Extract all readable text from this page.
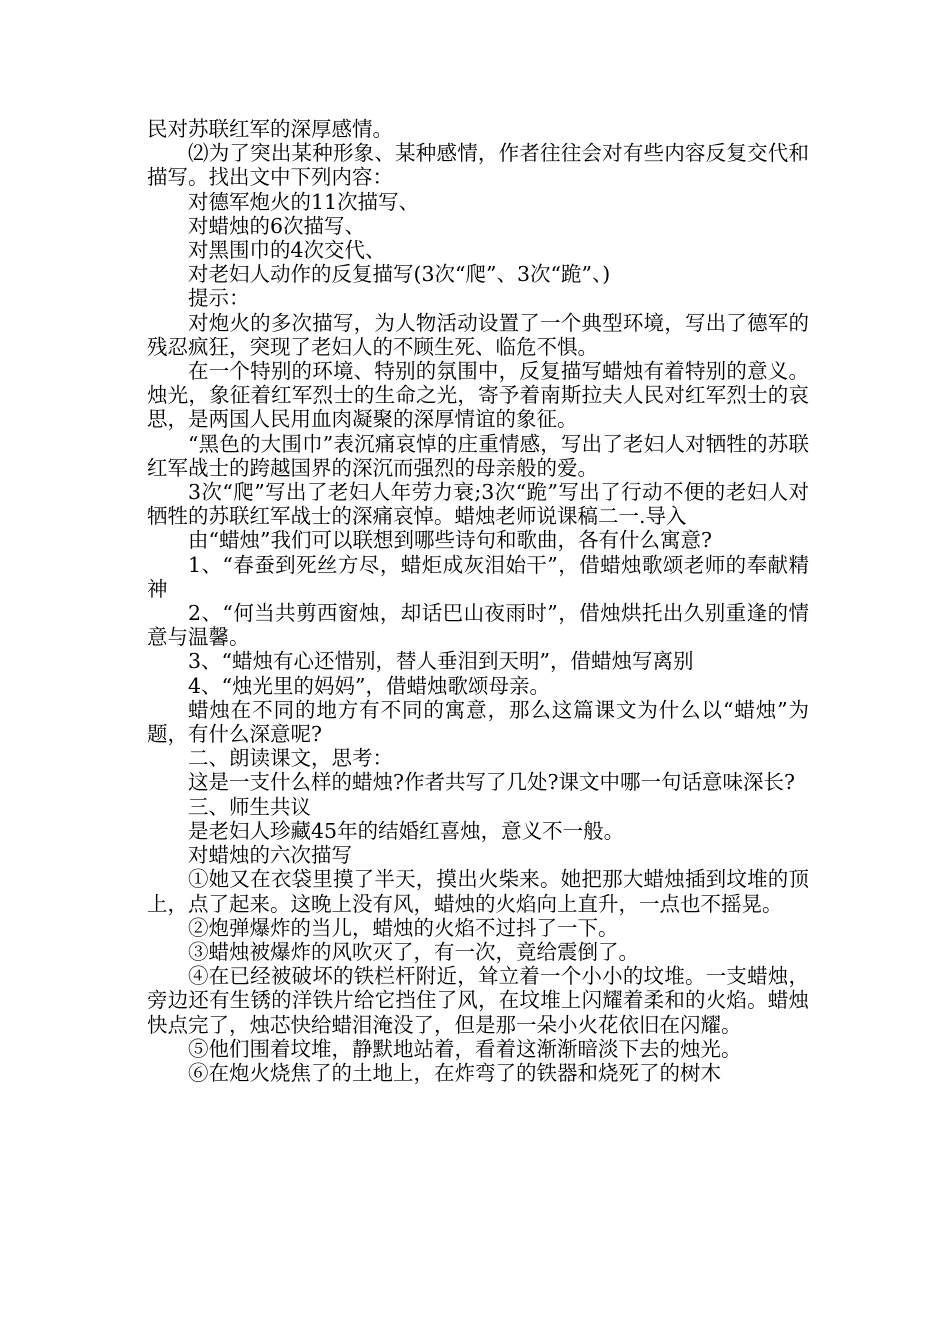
民对苏联红军的深厚感情。

⑵为了突出某种形象、某种感情，作者往往会对有些内容反复交代和描写。找出文中下列内容：

对德军炮火的11次描写、

对蜡烛的6次描写、

对黑围巾的4次交代、

对老妇人动作的反复描写(3次“爬”、3次“跪”、)

提示：

对炮火的多次描写，为人物活动设置了一个典型环境，写出了德军的残忍疯狂，突现了老妇人的不顾生死、临危不惧。

在一个特别的环境、特别的氛围中，反复描写蜡烛有着特别的意义。烛光，象征着红军烈士的生命之光，寄予着南斯拉夫人民对红军烈士的哀思，是两国人民用血肉凝聚的深厚情谊的象征。

“黑色的大围巾”表沉痛哀悼的庄重情感，写出了老妇人对牺牲的苏联红军战士的跨越国界的深沉而强烈的母亲般的爱。

3次“爬”写出了老妇人年劳力衰;3次“跪”写出了行动不便的老妇人对牺牲的苏联红军战士的深痛哀悼。蜡烛老师说课稿二一.导入

由“蜡烛”我们可以联想到哪些诗句和歌曲，各有什么寓意?

1、“春蚕到死丝方尽，蜡炬成灰泪始干”，借蜡烛歌颂老师的奉献精神

2、“何当共剪西窗烛，却话巴山夜雨时”，借烛烘托出久别重逢的情意与温馨。

3、“蜡烛有心还惜别，替人垂泪到天明”，借蜡烛写离别

4、“烛光里的妈妈”，借蜡烛歌颂母亲。

蜡烛在不同的地方有不同的寓意，那么这篇课文为什么以“蜡烛”为题，有什么深意呢?

二、朗读课文，思考：

这是一支什么样的蜡烛?作者共写了几处?课文中哪一句话意味深长?

三、师生共议

是老妇人珍藏45年的结婚红喜烛，意义不一般。

对蜡烛的六次描写

①她又在衣袋里摸了半天，摸出火柴来。她把那大蜡烛插到坟堆的顶上，点了起来。这晚上没有风，蜡烛的火焰向上直升，一点也不摇晃。

②炮弹爆炸的当儿，蜡烛的火焰不过抖了一下。

③蜡烛被爆炸的风吹灭了，有一次，竟给震倒了。

④在已经被破坏的铁栏杆附近，耸立着一个小小的坟堆。一支蜡烛，旁边还有生锈的洋铁片给它挡住了风，在坟堆上闪耀着柔和的火焰。蜡烛快点完了，烛芯快给蜡泪淹没了，但是那一朵小火花依旧在闪耀。

⑤他们围着坟堆，静默地站着，看着这渐渐暗淡下去的烛光。

⑥在炮火烧焦了的土地上，在炸弯了的铁器和烧死了的树木
